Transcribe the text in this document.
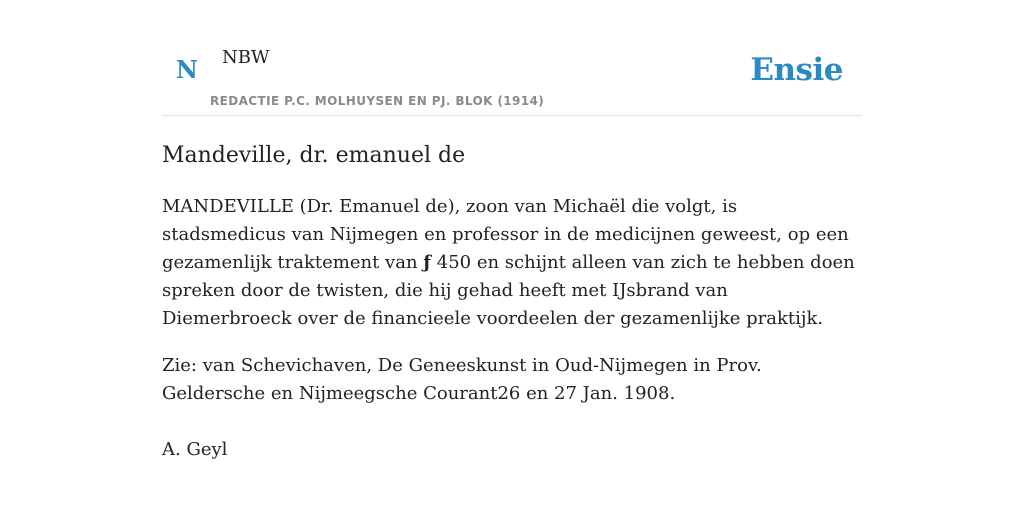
N NBW	Ensie
REDACTIE P.C. MOLHUYSEN EN PJ. BLOK (1914)
Mandeville, dr. emanuel de

MANDEVILLE (Dr. Emanuel de), zoon van Michaël die volgt, is stadsmedicus van Nijmegen en professor in de medicijnen geweest, op een gezamenlijk traktement van ƒ 450 en schijnt alleen van zich te hebben doen spreken door de twisten, die hij gehad heeft met IJsbrand van Diemerbroeck over de financieele voordeelen der gezamenlijke praktijk.

Zie: van Schevichaven, De Geneeskunst in Oud-Nijmegen in Prov. Geldersche en Nijmeegsche Courant26 en 27 Jan. 1908.

A. Geyl
